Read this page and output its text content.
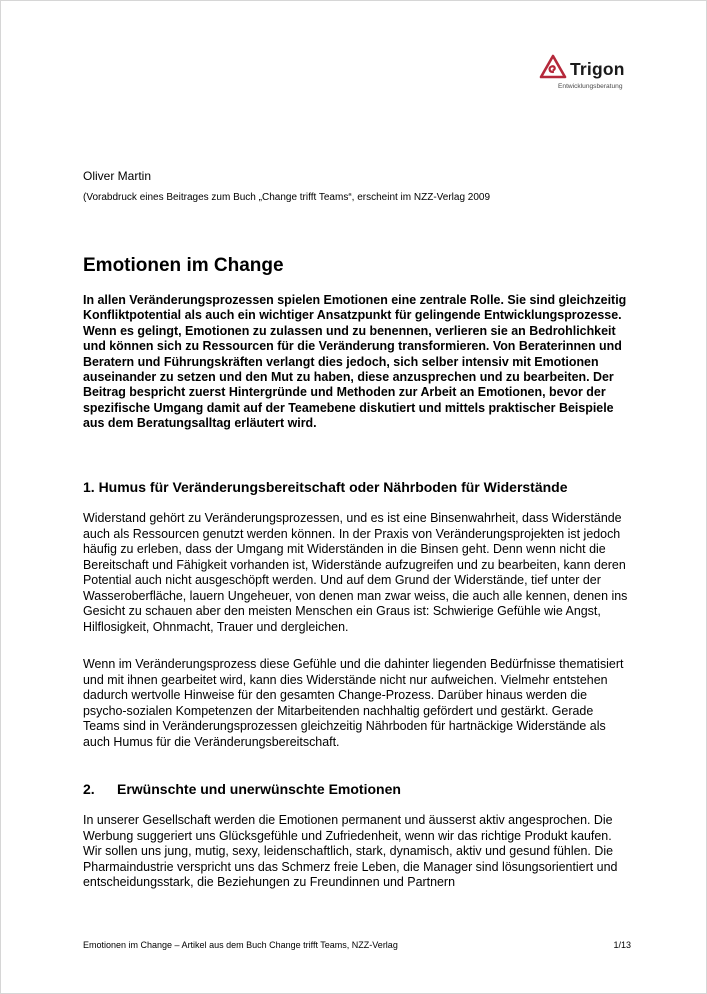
Trigon
Entwicklungsberatung
Oliver Martin
(Vorabdruck eines Beitrages zum Buch „Change trifft Teams“, erscheint im NZZ-Verlag 2009
Emotionen im Change

In allen Veränderungsprozessen spielen Emotionen eine zentrale Rolle. Sie sind gleichzeitig Konfliktpotential als auch ein wichtiger Ansatzpunkt für gelingende Entwicklungsprozesse. Wenn es gelingt, Emotionen zu zulassen und zu benennen, verlieren sie an Bedrohlichkeit und können sich zu Ressourcen für die Veränderung transformieren. Von Beraterinnen und Beratern und Führungskräften verlangt dies jedoch, sich selber intensiv mit Emotionen auseinander zu setzen und den Mut zu haben, diese anzusprechen und zu bearbeiten. Der Beitrag bespricht zuerst Hintergründe und Methoden zur Arbeit an Emotionen, bevor der spezifische Umgang damit auf der Teamebene diskutiert und mittels praktischer Beispiele aus dem Beratungsalltag erläutert wird.

1. Humus für Veränderungsbereitschaft oder Nährboden für Widerstände

Widerstand gehört zu Veränderungsprozessen, und es ist eine Binsenwahrheit, dass Widerstände auch als Ressourcen genutzt werden können. In der Praxis von Veränderungsprojekten ist jedoch häufig zu erleben, dass der Umgang mit Widerständen in die Binsen geht. Denn wenn nicht die Bereitschaft und Fähigkeit vorhanden ist, Widerstände aufzugreifen und zu bearbeiten, kann deren Potential auch nicht ausgeschöpft werden. Und auf dem Grund der Widerstände, tief unter der Wasseroberfläche, lauern Ungeheuer, von denen man zwar weiss, die auch alle kennen, denen ins Gesicht zu schauen aber den meisten Menschen ein Graus ist: Schwierige Gefühle wie Angst, Hilflosigkeit, Ohnmacht, Trauer und dergleichen.

Wenn im Veränderungsprozess diese Gefühle und die dahinter liegenden Bedürfnisse thematisiert und mit ihnen gearbeitet wird, kann dies Widerstände nicht nur aufweichen. Vielmehr entstehen dadurch wertvolle Hinweise für den gesamten Change-Prozess. Darüber hinaus werden die psycho-sozialen Kompetenzen der Mitarbeitenden nachhaltig gefördert und gestärkt. Gerade Teams sind in Veränderungsprozessen gleichzeitig Nährboden für hartnäckige Widerstände als auch Humus für die Veränderungsbereitschaft.

2. Erwünschte und unerwünschte Emotionen

In unserer Gesellschaft werden die Emotionen permanent und äusserst aktiv angesprochen. Die Werbung suggeriert uns Glücksgefühle und Zufriedenheit, wenn wir das richtige Produkt kaufen. Wir sollen uns jung, mutig, sexy, leidenschaftlich, stark, dynamisch, aktiv und gesund fühlen. Die Pharmaindustrie verspricht uns das Schmerz freie Leben, die Manager sind lösungsorientiert und entscheidungsstark, die Beziehungen zu Freundinnen und Partnern

Emotionen im Change – Artikel aus dem Buch Change trifft Teams, NZZ-Verlag	1/13
